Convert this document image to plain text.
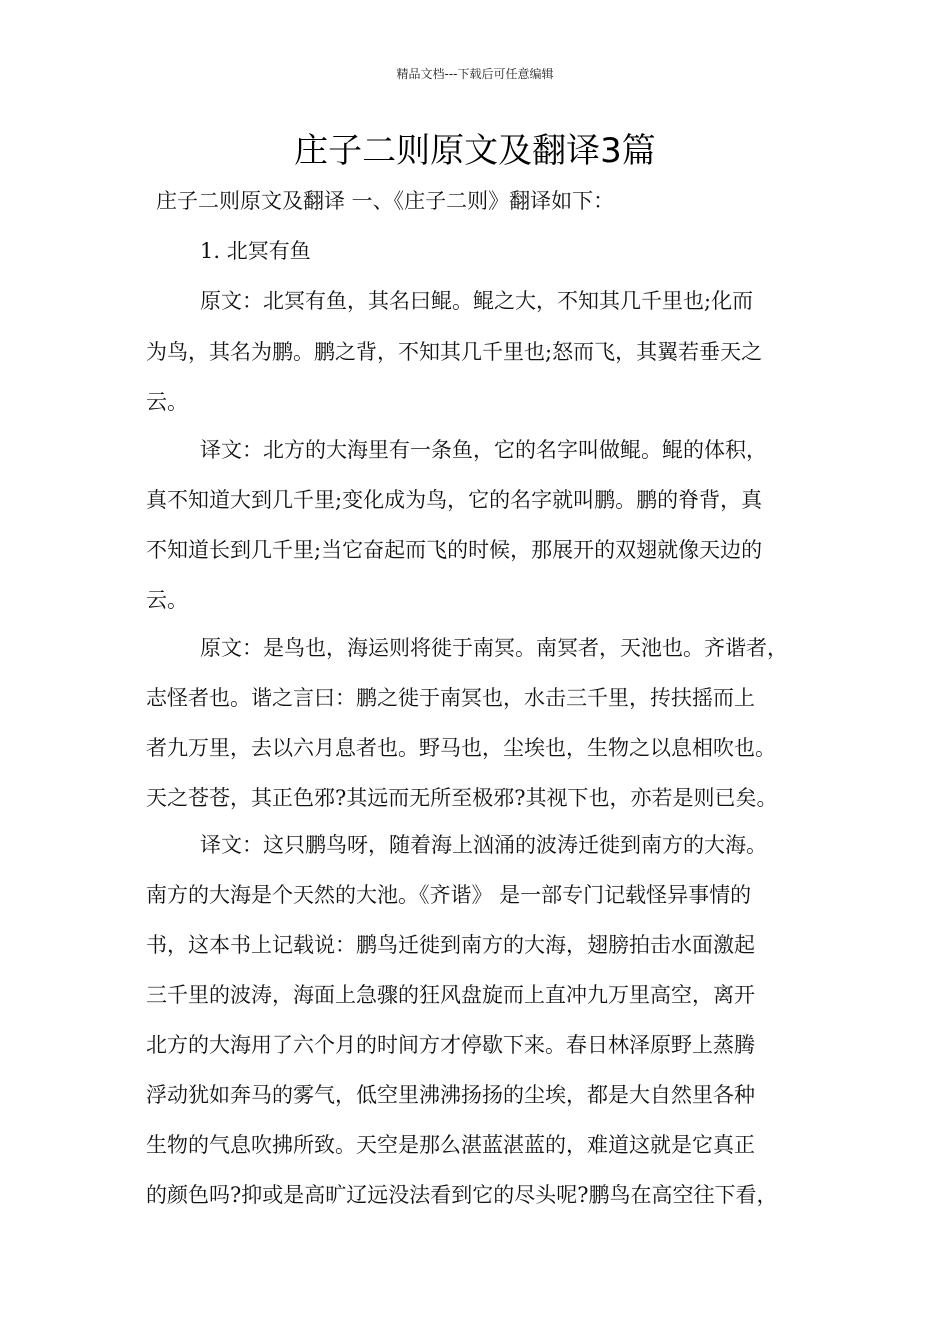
精品文档---下载后可任意编辑
庄子二则原文及翻译3篇
庄子二则原文及翻译 一、《庄子二则》翻译如下：
1. 北冥有鱼
原文：北冥有鱼，其名曰鲲。鲲之大，不知其几千里也;化而
为鸟，其名为鹏。鹏之背，不知其几千里也;怒而飞，其翼若垂天之
云。
译文：北方的大海里有一条鱼，它的名字叫做鲲。鲲的体积，
真不知道大到几千里;变化成为鸟，它的名字就叫鹏。鹏的脊背，真
不知道长到几千里;当它奋起而飞的时候，那展开的双翅就像天边的
云。
原文：是鸟也，海运则将徙于南冥。南冥者，天池也。齐谐者，
志怪者也。谐之言曰：鹏之徙于南冥也，水击三千里，抟扶摇而上
者九万里，去以六月息者也。野马也，尘埃也，生物之以息相吹也。
天之苍苍，其正色邪?其远而无所至极邪?其视下也，亦若是则已矣。
译文：这只鹏鸟呀，随着海上汹涌的波涛迁徙到南方的大海。
南方的大海是个天然的大池。《齐谐》 是一部专门记载怪异事情的
书，这本书上记载说：鹏鸟迁徙到南方的大海，翅膀拍击水面激起
三千里的波涛，海面上急骤的狂风盘旋而上直冲九万里高空，离开
北方的大海用了六个月的时间方才停歇下来。春日林泽原野上蒸腾
浮动犹如奔马的雾气，低空里沸沸扬扬的尘埃，都是大自然里各种
生物的气息吹拂所致。天空是那么湛蓝湛蓝的，难道这就是它真正
的颜色吗?抑或是高旷辽远没法看到它的尽头呢?鹏鸟在高空往下看，
